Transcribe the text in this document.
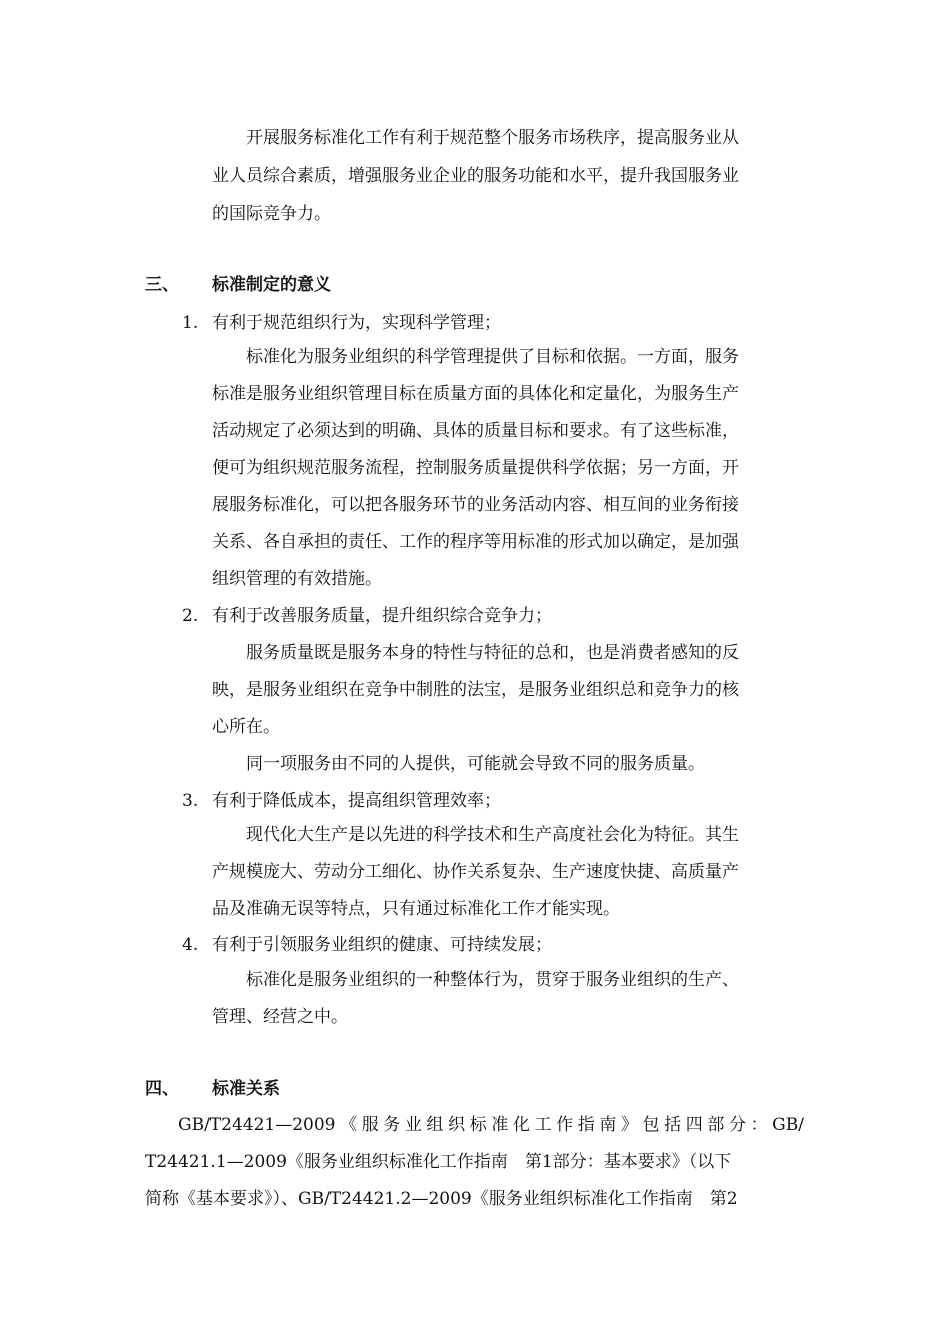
开展服务标准化工作有利于规范整个服务市场秩序，提高服务业从
业人员综合素质，增强服务业企业的服务功能和水平，提升我国服务业
的国际竞争力。
三、 标准制定的意义
1. 有利于规范组织行为，实现科学管理；
标准化为服务业组织的科学管理提供了目标和依据。一方面，服务
标准是服务业组织管理目标在质量方面的具体化和定量化，为服务生产
活动规定了必须达到的明确、具体的质量目标和要求。有了这些标准，
便可为组织规范服务流程，控制服务质量提供科学依据；另一方面，开
展服务标准化，可以把各服务环节的业务活动内容、相互间的业务衔接
关系、各自承担的责任、工作的程序等用标准的形式加以确定，是加强
组织管理的有效措施。
2. 有利于改善服务质量，提升组织综合竞争力；
服务质量既是服务本身的特性与特征的总和，也是消费者感知的反
映，是服务业组织在竞争中制胜的法宝，是服务业组织总和竞争力的核
心所在。
同一项服务由不同的人提供，可能就会导致不同的服务质量。
3. 有利于降低成本，提高组织管理效率；
现代化大生产是以先进的科学技术和生产高度社会化为特征。其生
产规模庞大、劳动分工细化、协作关系复杂、生产速度快捷、高质量产
品及准确无误等特点，只有通过标准化工作才能实现。
4. 有利于引领服务业组织的健康、可持续发展；
标准化是服务业组织的一种整体行为，贯穿于服务业组织的生产、
管理、经营之中。
四、 标准关系
GB/T24421—2009《服务业组织标准化工作指南》包括四部分：GB/
T24421.1—2009《服务业组织标准化工作指南　第1部分：基本要求》（以下
简称《基本要求》）、GB/T24421.2—2009《服务业组织标准化工作指南　第2
